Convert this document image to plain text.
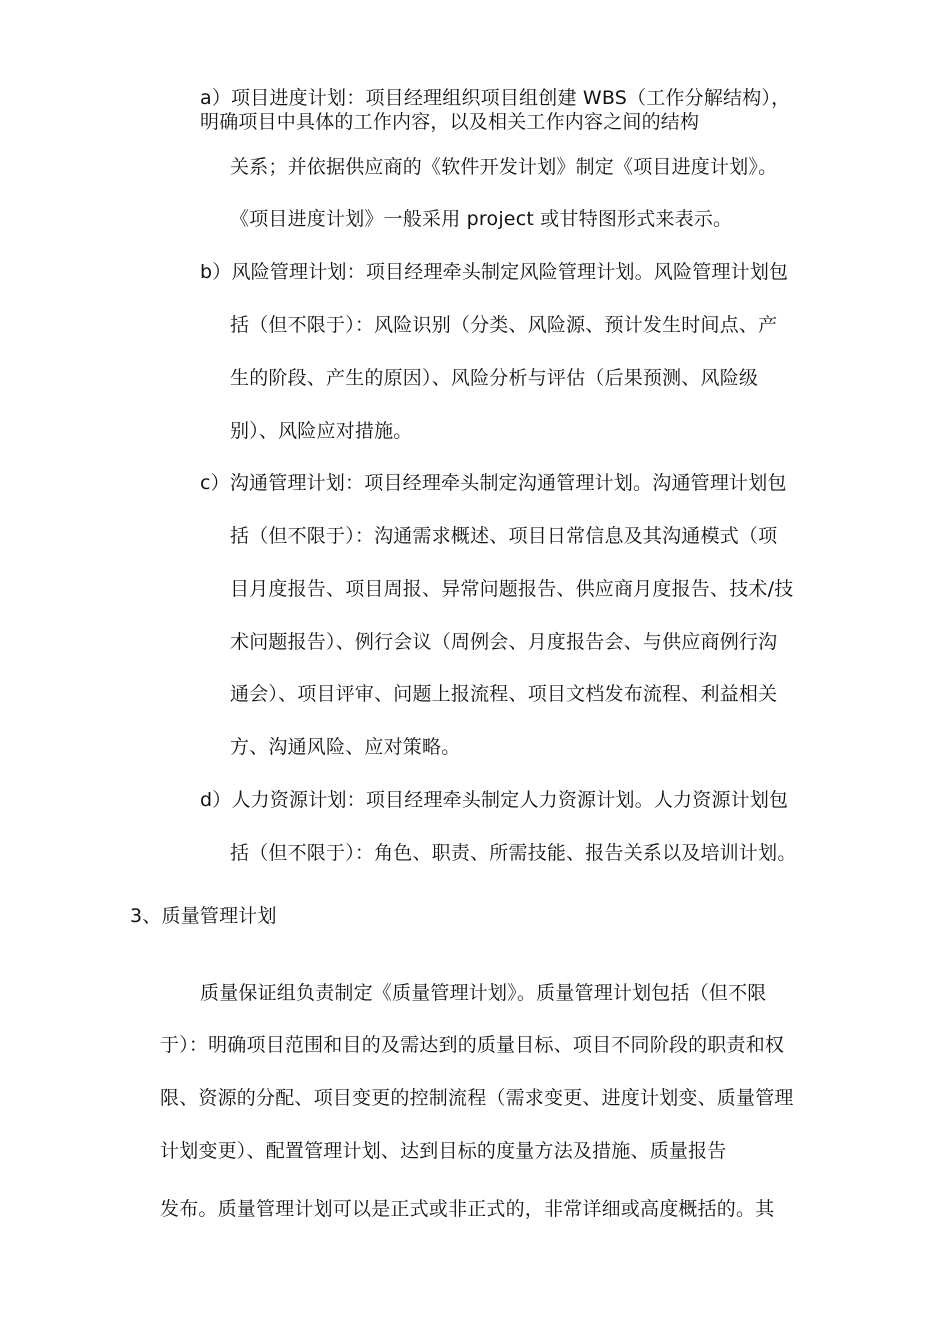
a）项目进度计划：项目经理组织项目组创建 WBS（工作分解结构），
明确项目中具体的工作内容，以及相关工作内容之间的结构
关系；并依据供应商的《软件开发计划》制定《项目进度计划》。
《项目进度计划》一般采用 project 或甘特图形式来表示。
b）风险管理计划：项目经理牵头制定风险管理计划。风险管理计划包
括（但不限于）：风险识别（分类、风险源、预计发生时间点、产
生的阶段、产生的原因）、风险分析与评估（后果预测、风险级
别）、风险应对措施。
c）沟通管理计划：项目经理牵头制定沟通管理计划。沟通管理计划包
括（但不限于）：沟通需求概述、项目日常信息及其沟通模式（项
目月度报告、项目周报、异常问题报告、供应商月度报告、技术/技
术问题报告）、例行会议（周例会、月度报告会、与供应商例行沟
通会）、项目评审、问题上报流程、项目文档发布流程、利益相关
方、沟通风险、应对策略。
d）人力资源计划：项目经理牵头制定人力资源计划。人力资源计划包
括（但不限于）：角色、职责、所需技能、报告关系以及培训计划。
3、质量管理计划
质量保证组负责制定《质量管理计划》。质量管理计划包括（但不限
于）：明确项目范围和目的及需达到的质量目标、项目不同阶段的职责和权
限、资源的分配、项目变更的控制流程（需求变更、进度计划变、质量管理
计划变更）、配置管理计划、达到目标的度量方法及措施、质量报告
发布。质量管理计划可以是正式或非正式的，非常详细或高度概括的。其
